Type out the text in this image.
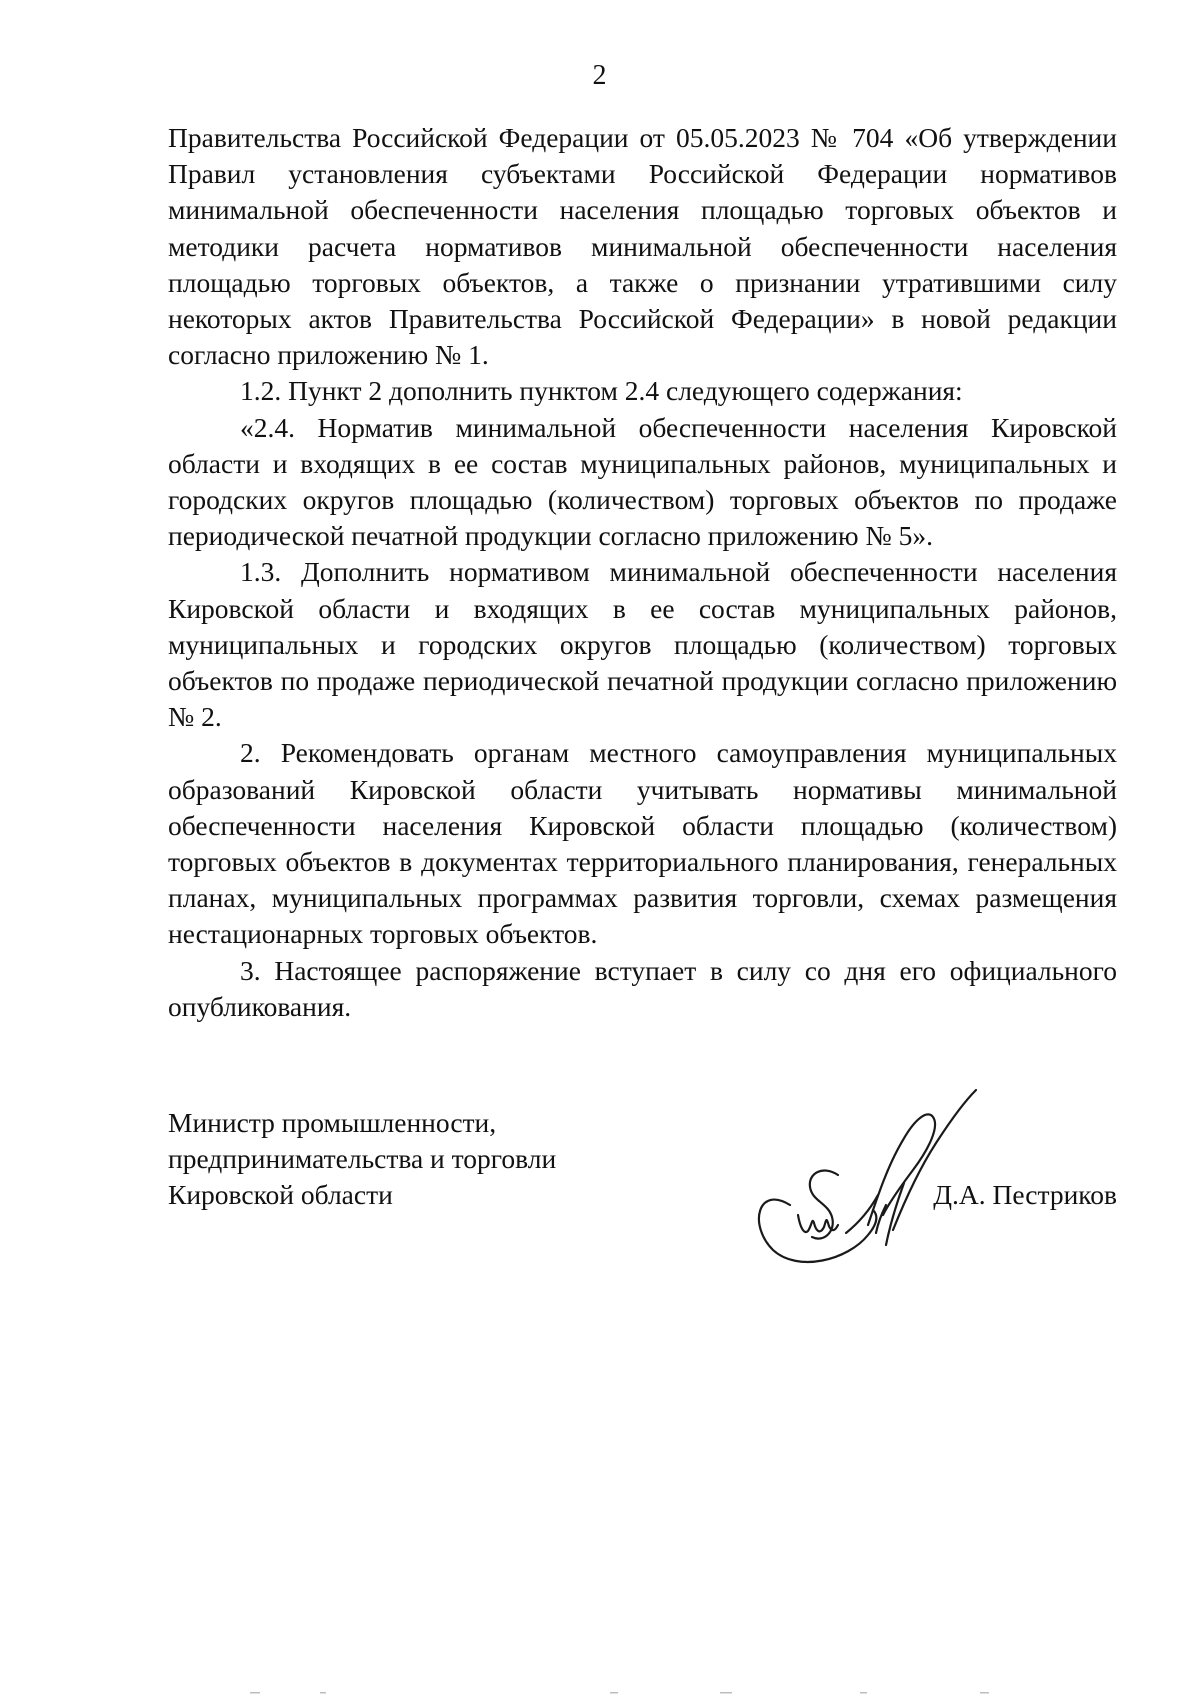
2

Правительства Российской Федерации от 05.05.2023 № 704 «Об утверждении Правил установления субъектами Российской Федерации нормативов минимальной обеспеченности населения площадью торговых объектов и методики расчета нормативов минимальной обеспеченности населения площадью торговых объектов, а также о признании утратившими силу некоторых актов Правительства Российской Федерации» в новой редакции согласно приложению № 1.

1.2. Пункт 2 дополнить пунктом 2.4 следующего содержания:

«2.4. Норматив минимальной обеспеченности населения Кировской области и входящих в ее состав муниципальных районов, муниципальных и городских округов площадью (количеством) торговых объектов по продаже периодической печатной продукции согласно приложению № 5».

1.3. Дополнить нормативом минимальной обеспеченности населения Кировской области и входящих в ее состав муниципальных районов, муниципальных и городских округов площадью (количеством) торговых объектов по продаже периодической печатной продукции согласно приложению № 2.

2. Рекомендовать органам местного самоуправления муниципальных образований Кировской области учитывать нормативы минимальной обеспеченности населения Кировской области площадью (количеством) торговых объектов в документах территориального планирования, генеральных планах, муниципальных программах развития торговли, схемах размещения нестационарных торговых объектов.

3. Настоящее распоряжение вступает в силу со дня его официального опубликования.

Министр промышленности,
предпринимательства и торговли
Кировской области	Д.А. Пестриков
